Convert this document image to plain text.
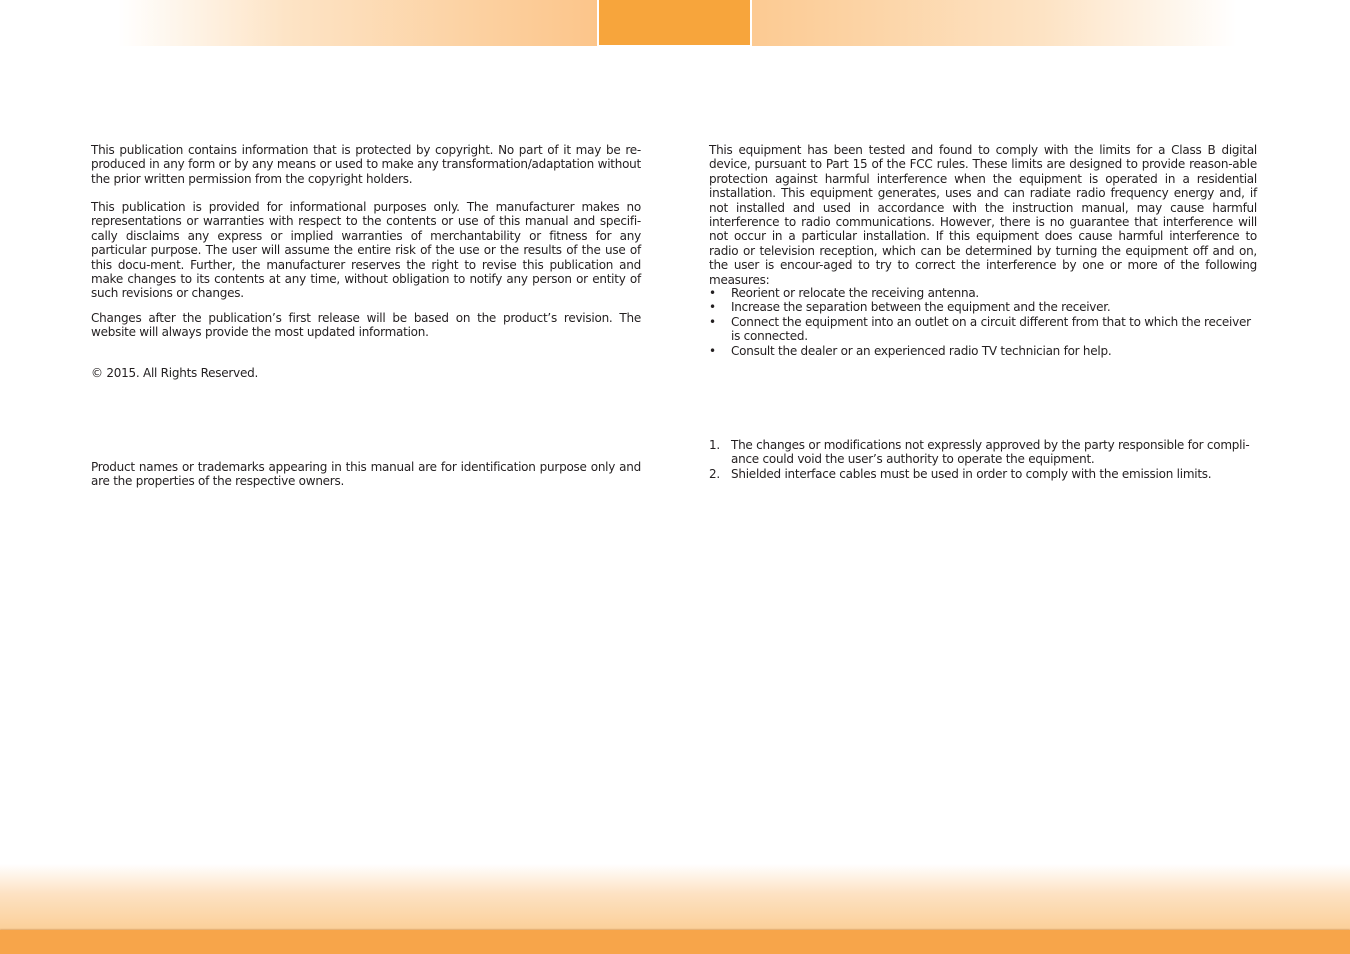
This publication contains information that is protected by copyright. No part of it may be re-produced in any form or by any means or used to make any transformation/adaptation without the prior written permission from the copyright holders.

This publication is provided for informational purposes only. The manufacturer makes no representations or warranties with respect to the contents or use of this manual and specifi-cally disclaims any express or implied warranties of merchantability or fitness for any particular purpose. The user will assume the entire risk of the use or the results of the use of this docu-ment. Further, the manufacturer reserves the right to revise this publication and make changes to its contents at any time, without obligation to notify any person or entity of such revisions or changes.

Changes after the publication’s first release will be based on the product’s revision. The website will always provide the most updated information.

© 2015. All Rights Reserved.

Product names or trademarks appearing in this manual are for identification purpose only and are the properties of the respective owners.

This equipment has been tested and found to comply with the limits for a Class B digital device, pursuant to Part 15 of the FCC rules. These limits are designed to provide reason-able protection against harmful interference when the equipment is operated in a residential installation. This equipment generates, uses and can radiate radio frequency energy and, if not installed and used in accordance with the instruction manual, may cause harmful interference to radio communications. However, there is no guarantee that interference will not occur in a particular installation. If this equipment does cause harmful interference to radio or television reception, which can be determined by turning the equipment off and on, the user is encour-aged to try to correct the interference by one or more of the following measures:

• Reorient or relocate the receiving antenna.
• Increase the separation between the equipment and the receiver.
• Connect the equipment into an outlet on a circuit different from that to which the receiver is connected.
• Consult the dealer or an experienced radio TV technician for help.
1. The changes or modifications not expressly approved by the party responsible for compli-ance could void the user’s authority to operate the equipment.
2. Shielded interface cables must be used in order to comply with the emission limits.
